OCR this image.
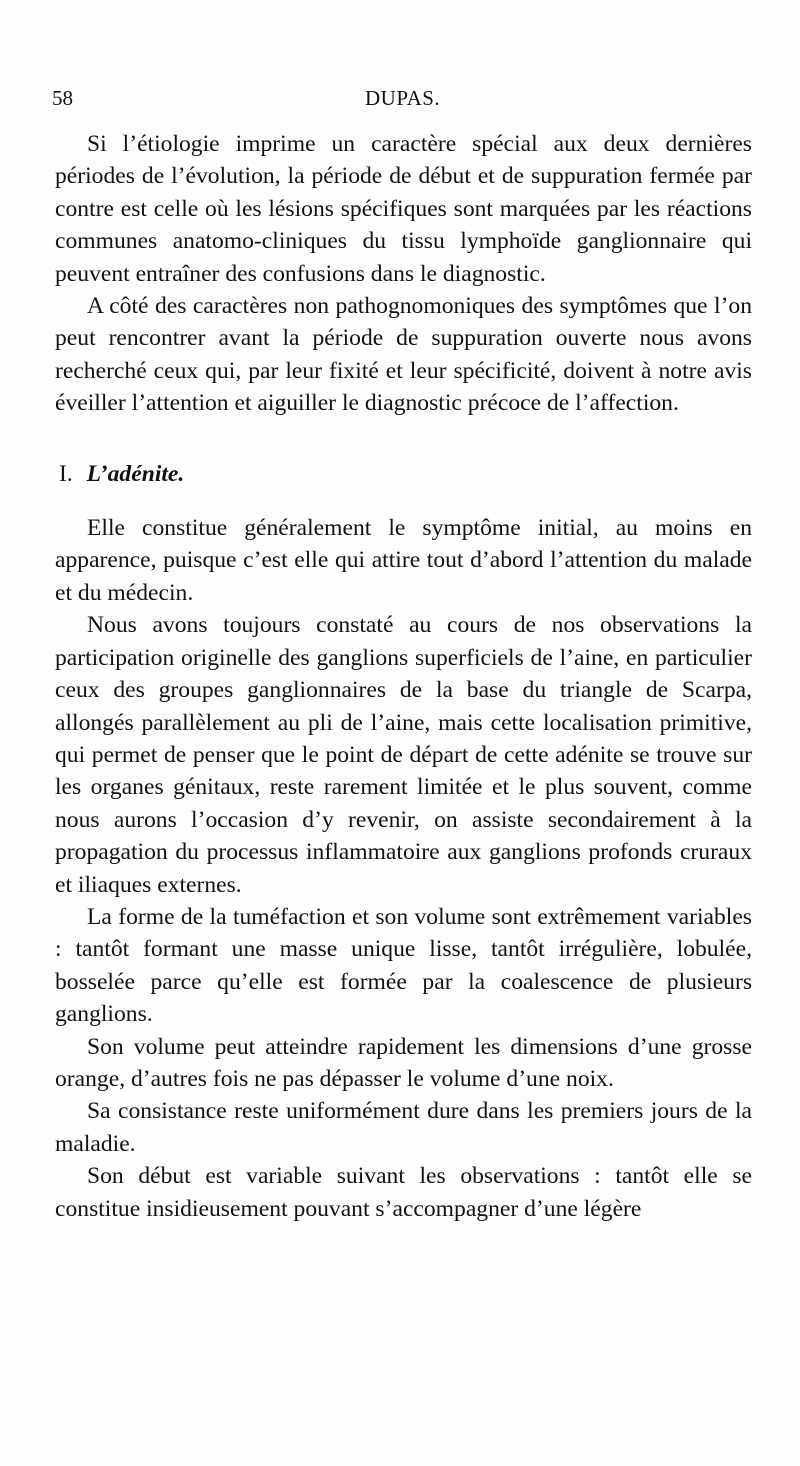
58	DUPAS.

Si l’étiologie imprime un caractère spécial aux deux dernières périodes de l’évolution, la période de début et de suppuration fermée par contre est celle où les lésions spécifiques sont marquées par les réactions communes anatomo-cliniques du tissu lymphoïde ganglionnaire qui peuvent entraîner des confusions dans le diagnostic.

A côté des caractères non pathognomoniques des symptômes que l’on peut rencontrer avant la période de suppuration ouverte nous avons recherché ceux qui, par leur fixité et leur spécificité, doivent à notre avis éveiller l’attention et aiguiller le diagnostic précoce de l’affection.

I. L’adénite.

Elle constitue généralement le symptôme initial, au moins en apparence, puisque c’est elle qui attire tout d’abord l’attention du malade et du médecin.

Nous avons toujours constaté au cours de nos observations la participation originelle des ganglions superficiels de l’aine, en particulier ceux des groupes ganglionnaires de la base du triangle de Scarpa, allongés parallèlement au pli de l’aine, mais cette localisation primitive, qui permet de penser que le point de départ de cette adénite se trouve sur les organes génitaux, reste rarement limitée et le plus souvent, comme nous aurons l’occasion d’y revenir, on assiste secondairement à la propagation du processus inflammatoire aux ganglions profonds cruraux et iliaques externes.

La forme de la tuméfaction et son volume sont extrêmement variables : tantôt formant une masse unique lisse, tantôt irrégulière, lobulée, bosselée parce qu’elle est formée par la coalescence de plusieurs ganglions.

Son volume peut atteindre rapidement les dimensions d’une grosse orange, d’autres fois ne pas dépasser le volume d’une noix.

Sa consistance reste uniformément dure dans les premiers jours de la maladie.

Son début est variable suivant les observations : tantôt elle se constitue insidieusement pouvant s’accompagner d’une légère
